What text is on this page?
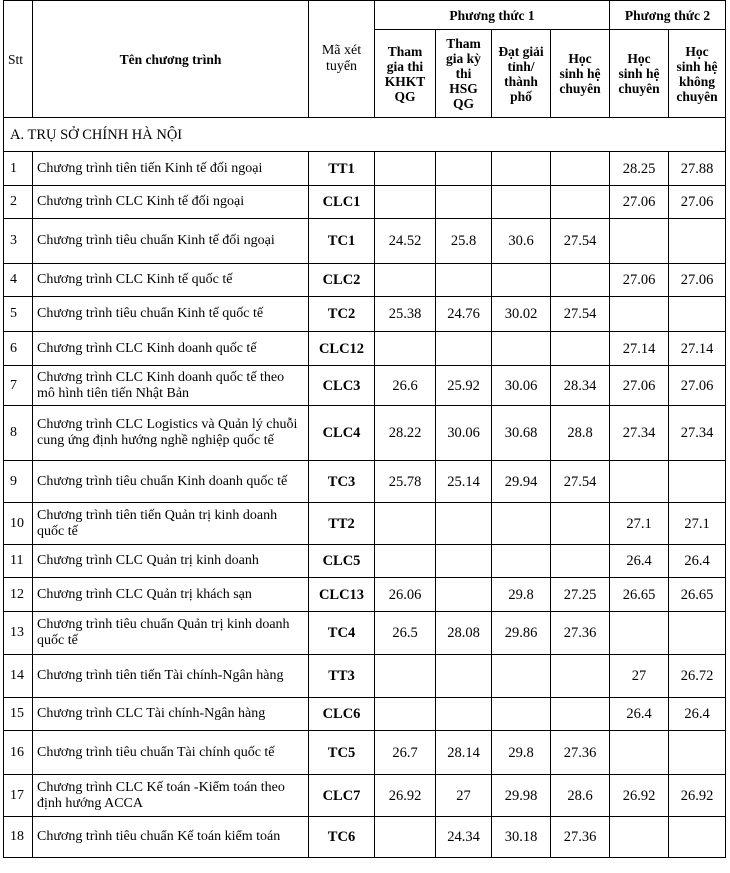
Stt	Tên chương trình	Mã xét tuyển	Phương thức 1				Phương thức 2	
			Tham gia thi KHKT QG	Tham gia kỳ thi HSG QG	Đạt giải tỉnh/ thành phố	Học sinh hệ chuyên	Học sinh hệ chuyên	Học sinh hệ không chuyên
A. TRỤ SỞ CHÍNH HÀ NỘI								
1	Chương trình tiên tiến Kinh tế đối ngoại	TT1					28.25	27.88
2	Chương trình CLC Kinh tế đối ngoại	CLC1					27.06	27.06
3	Chương trình tiêu chuẩn Kinh tế đối ngoại	TC1	24.52	25.8	30.6	27.54		
4	Chương trình CLC Kinh tế quốc tế	CLC2					27.06	27.06
5	Chương trình tiêu chuẩn Kinh tế quốc tế	TC2	25.38	24.76	30.02	27.54		
6	Chương trình CLC Kinh doanh quốc tế	CLC12					27.14	27.14
7	Chương trình CLC Kinh doanh quốc tế theo mô hình tiên tiến Nhật Bản	CLC3	26.6	25.92	30.06	28.34	27.06	27.06
8	Chương trình CLC Logistics và Quản lý chuỗi cung ứng định hướng nghề nghiệp quốc tế	CLC4	28.22	30.06	30.68	28.8	27.34	27.34
9	Chương trình tiêu chuẩn Kinh doanh quốc tế	TC3	25.78	25.14	29.94	27.54		
10	Chương trình tiên tiến Quản trị kinh doanh quốc tế	TT2					27.1	27.1
11	Chương trình CLC Quản trị kinh doanh	CLC5					26.4	26.4
12	Chương trình CLC Quản trị khách sạn	CLC13	26.06		29.8	27.25	26.65	26.65
13	Chương trình tiêu chuẩn Quản trị kinh doanh quốc tế	TC4	26.5	28.08	29.86	27.36		
14	Chương trình tiên tiến Tài chính-Ngân hàng	TT3					27	26.72
15	Chương trình CLC Tài chính-Ngân hàng	CLC6					26.4	26.4
16	Chương trình tiêu chuẩn Tài chính quốc tế	TC5	26.7	28.14	29.8	27.36		
17	Chương trình CLC Kế toán -Kiểm toán theo định hướng ACCA	CLC7	26.92	27	29.98	28.6	26.92	26.92
18	Chương trình tiêu chuẩn Kế toán kiểm toán	TC6		24.34	30.18	27.36		
